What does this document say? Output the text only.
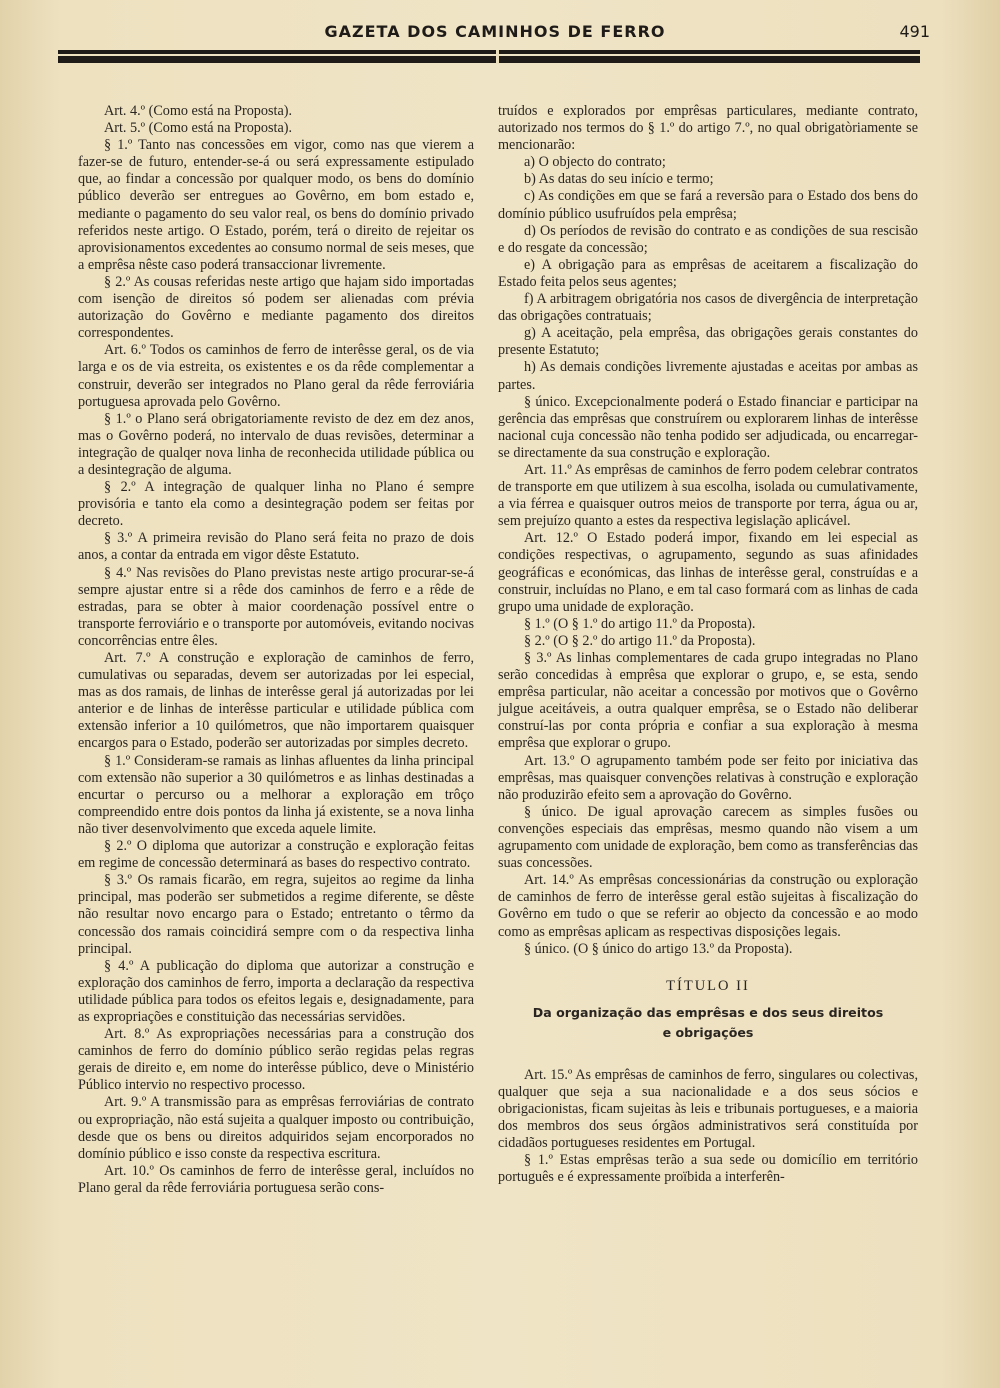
GAZETA DOS CAMINHOS DE FERRO	491

Art. 4.º (Como está na Proposta).

Art. 5.º (Como está na Proposta).

§ 1.º Tanto nas concessões em vigor, como nas que vierem a fazer-se de futuro, entender-se-á ou será expressamente estipulado que, ao findar a concessão por qualquer modo, os bens do domínio público deverão ser entregues ao Govêrno, em bom estado e, mediante o pagamento do seu valor real, os bens do domínio privado referidos neste artigo. O Estado, porém, terá o direito de rejeitar os aprovisionamentos excedentes ao consumo normal de seis meses, que a emprêsa nêste caso poderá transaccionar livremente.

§ 2.º As cousas referidas neste artigo que hajam sido importadas com isenção de direitos só podem ser alienadas com prévia autorização do Govêrno e mediante pagamento dos direitos correspondentes.

Art. 6.º Todos os caminhos de ferro de interêsse geral, os de via larga e os de via estreita, os existentes e os da rêde complementar a construir, deverão ser integrados no Plano geral da rêde ferroviária portuguesa aprovada pelo Govêrno.

§ 1.º o Plano será obrigatoriamente revisto de dez em dez anos, mas o Govêrno poderá, no intervalo de duas revisões, determinar a integração de qualqer nova linha de reconhecida utilidade pública ou a desintegração de alguma.

§ 2.º A integração de qualquer linha no Plano é sempre provisória e tanto ela como a desintegração podem ser feitas por decreto.

§ 3.º A primeira revisão do Plano será feita no prazo de dois anos, a contar da entrada em vigor dêste Estatuto.

§ 4.º Nas revisões do Plano previstas neste artigo procurar-se-á sempre ajustar entre si a rêde dos caminhos de ferro e a rêde de estradas, para se obter à maior coordenação possível entre o transporte ferroviário e o transporte por automóveis, evitando nocivas concorrências entre êles.

Art. 7.º A construção e exploração de caminhos de ferro, cumulativas ou separadas, devem ser autorizadas por lei especial, mas as dos ramais, de linhas de interêsse geral já autorizadas por lei anterior e de linhas de interêsse particular e utilidade pública com extensão inferior a 10 quilómetros, que não importarem quaisquer encargos para o Estado, poderão ser autorizadas por simples decreto.

§ 1.º Consideram-se ramais as linhas afluentes da linha principal com extensão não superior a 30 quilómetros e as linhas destinadas a encurtar o percurso ou a melhorar a exploração em trôço compreendido entre dois pontos da linha já existente, se a nova linha não tiver desenvolvimento que exceda aquele limite.

§ 2.º O diploma que autorizar a construção e exploração feitas em regime de concessão determinará as bases do respectivo contrato.

§ 3.º Os ramais ficarão, em regra, sujeitos ao regime da linha principal, mas poderão ser submetidos a regime diferente, se dêste não resultar novo encargo para o Estado; entretanto o têrmo da concessão dos ramais coincidirá sempre com o da respectiva linha principal.

§ 4.º A publicação do diploma que autorizar a construção e exploração dos caminhos de ferro, importa a declaração da respectiva utilidade pública para todos os efeitos legais e, designadamente, para as expropriações e constituição das necessárias servidões.

Art. 8.º As expropriações necessárias para a construção dos caminhos de ferro do domínio público serão regidas pelas regras gerais de direito e, em nome do interêsse público, deve o Ministério Público intervio no respectivo processo.

Art. 9.º A transmissão para as emprêsas ferroviárias de contrato ou expropriação, não está sujeita a qualquer imposto ou contribuição, desde que os bens ou direitos adquiridos sejam encorporados no domínio público e isso conste da respectiva escritura.

Art. 10.º Os caminhos de ferro de interêsse geral, incluídos no Plano geral da rêde ferroviária portuguesa serão cons-

truídos e explorados por emprêsas particulares, mediante contrato, autorizado nos termos do § 1.º do artigo 7.º, no qual obrigatòriamente se mencionarão:

a) O objecto do contrato;

b) As datas do seu início e termo;

c) As condições em que se fará a reversão para o Estado dos bens do domínio público usufruídos pela emprêsa;

d) Os períodos de revisão do contrato e as condições de sua rescisão e do resgate da concessão;

e) A obrigação para as emprêsas de aceitarem a fiscalização do Estado feita pelos seus agentes;

f) A arbitragem obrigatória nos casos de divergência de interpretação das obrigações contratuais;

g) A aceitação, pela emprêsa, das obrigações gerais constantes do presente Estatuto;

h) As demais condições livremente ajustadas e aceitas por ambas as partes.

§ único. Excepcionalmente poderá o Estado financiar e participar na gerência das emprêsas que construírem ou explorarem linhas de interêsse nacional cuja concessão não tenha podido ser adjudicada, ou encarregar-se directamente da sua construção e exploração.

Art. 11.º As emprêsas de caminhos de ferro podem celebrar contratos de transporte em que utilizem à sua escolha, isolada ou cumulativamente, a via férrea e quaisquer outros meios de transporte por terra, água ou ar, sem prejuízo quanto a estes da respectiva legislação aplicável.

Art. 12.º O Estado poderá impor, fixando em lei especial as condições respectivas, o agrupamento, segundo as suas afinidades geográficas e económicas, das linhas de interêsse geral, construídas e a construir, incluídas no Plano, e em tal caso formará com as linhas de cada grupo uma unidade de exploração.

§ 1.º (O § 1.º do artigo 11.º da Proposta).

§ 2.º (O § 2.º do artigo 11.º da Proposta).

§ 3.º As linhas complementares de cada grupo integradas no Plano serão concedidas à emprêsa que explorar o grupo, e, se esta, sendo emprêsa particular, não aceitar a concessão por motivos que o Govêrno julgue aceitáveis, a outra qualquer emprêsa, se o Estado não deliberar construí-las por conta própria e confiar a sua exploração à mesma emprêsa que explorar o grupo.

Art. 13.º O agrupamento também pode ser feito por iniciativa das emprêsas, mas quaisquer convenções relativas à construção e exploração não produzirão efeito sem a aprovação do Govêrno.

§ único. De igual aprovação carecem as simples fusões ou convenções especiais das emprêsas, mesmo quando não visem a um agrupamento com unidade de exploração, bem como as transferências das suas concessões.

Art. 14.º As emprêsas concessionárias da construção ou exploração de caminhos de ferro de interêsse geral estão sujeitas à fiscalização do Govêrno em tudo o que se referir ao objecto da concessão e ao modo como as emprêsas aplicam as respectivas disposições legais.

§ único. (O § único do artigo 13.º da Proposta).

TÍTULO II

Da organização das emprêsas e dos seus direitos
e obrigações

Art. 15.º As emprêsas de caminhos de ferro, singulares ou colectivas, qualquer que seja a sua nacionalidade e a dos seus sócios e obrigacionistas, ficam sujeitas às leis e tribunais portugueses, e a maioria dos membros dos seus órgãos administrativos será constituída por cidadãos portugueses residentes em Portugal.

§ 1.º Estas emprêsas terão a sua sede ou domicílio em território português e é expressamente proïbida a interferên-
